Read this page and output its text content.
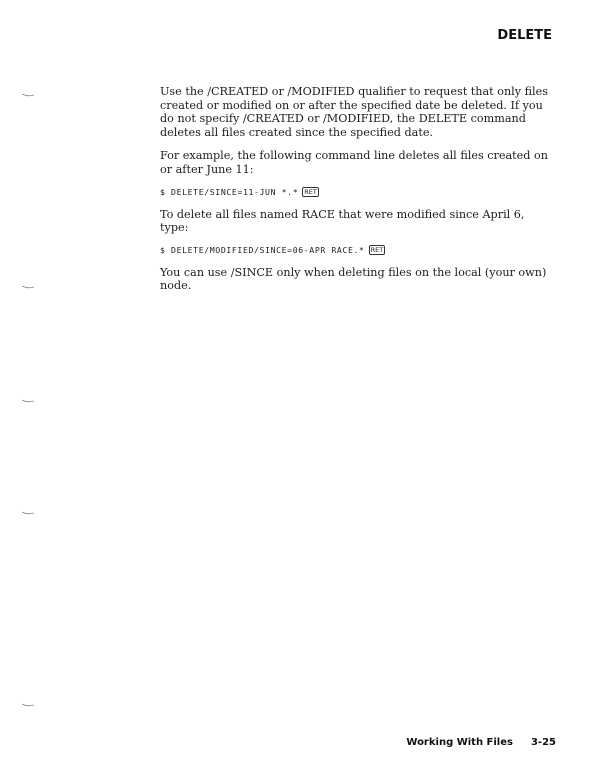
DELETE

Use the /CREATED or /MODIFIED qualifier to request that only files created or modified on or after the specified date be deleted. If you do not specify /CREATED or /MODIFIED, the DELETE command deletes all files created since the specified date.

For example, the following command line deletes all files created on or after June 11:

$ DELETE/SINCE=11-JUN *.* RET

To delete all files named RACE that were modified since April 6, type:

$ DELETE/MODIFIED/SINCE=06-APR RACE.* RET

You can use /SINCE only when deleting files on the local (your own) node.

Working With Files 3-25
